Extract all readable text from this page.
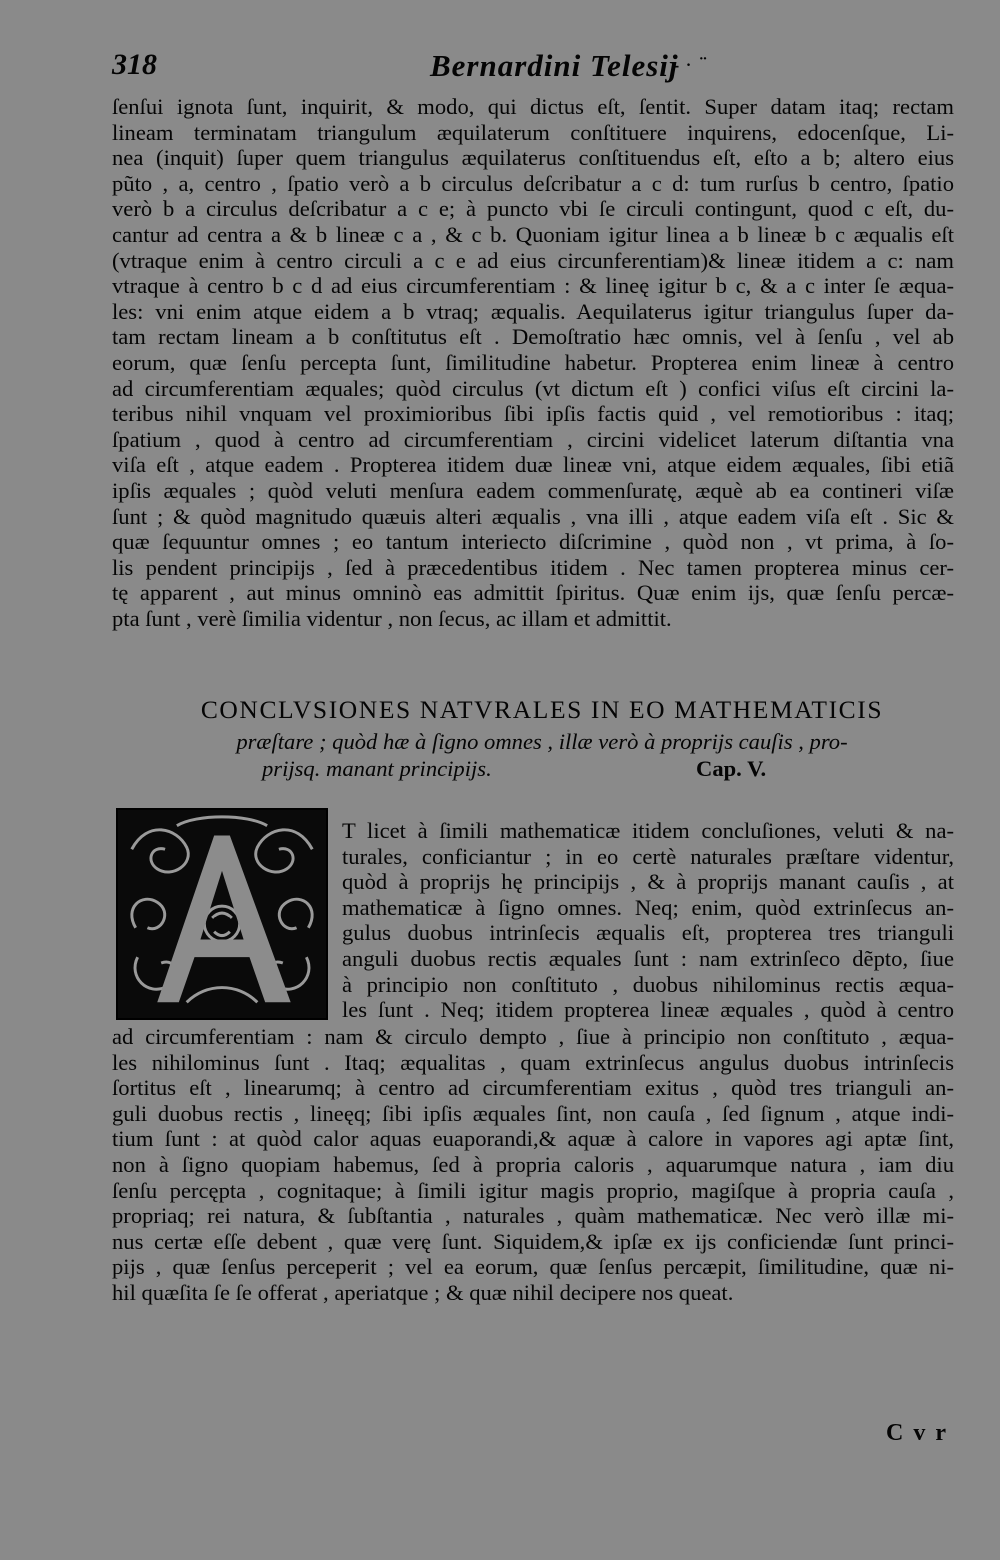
318	Bernardini Telesij
- · ˙̇
ſenſui ignota ſunt, inquirit, & modo, qui dictus eſt, ſentit. Super datam itaq; rectam
lineam terminatam triangulum æquilaterum conſtituere inquirens, edocenſque, Li-
nea (inquit) ſuper quem triangulus æquilaterus conſtituendus eſt, eſto a b; altero eius
pũto , a, centro , ſpatio verò a b circulus deſcribatur a c d: tum rurſus b centro, ſpatio
verò b a circulus deſcribatur a c e; à puncto vbi ſe circuli contingunt, quod c eſt, du-
cantur ad centra a & b lineæ c a , & c b. Quoniam igitur linea a b lineæ b c æqualis eſt
(vtraque enim à centro circuli a c e ad eius circunferentiam)& lineæ itidem a c: nam
vtraque à centro b c d ad eius circumferentiam : & lineę igitur b c, & a c inter ſe æqua-
les: vni enim atque eidem a b vtraq; æqualis. Aequilaterus igitur triangulus ſuper da-
tam rectam lineam a b conſtitutus eſt . Demoſtratio hæc omnis, vel à ſenſu , vel ab
eorum, quæ ſenſu percepta ſunt, ſimilitudine habetur. Propterea enim lineæ à centro
ad circumferentiam æquales; quòd circulus (vt dictum eſt ) confici viſus eſt circini la-
teribus nihil vnquam vel proximioribus ſibi ipſis factis quid , vel remotioribus : itaq;
ſpatium , quod à centro ad circumferentiam , circini videlicet laterum diſtantia vna
viſa eſt , atque eadem . Propterea itidem duæ lineæ vni, atque eidem æquales, ſibi etiã
ipſis æquales ; quòd veluti menſura eadem commenſuratę, æquè ab ea contineri viſæ
ſunt ; & quòd magnitudo quæuis alteri æqualis , vna illi , atque eadem viſa eſt . Sic &
quæ ſequuntur omnes ; eo tantum interiecto diſcrimine , quòd non , vt prima, à ſo-
lis pendent principijs , ſed à præcedentibus itidem . Nec tamen propterea minus cer-
tę apparent , aut minus omninò eas admittit ſpiritus. Quæ enim ijs, quæ ſenſu percæ-
pta ſunt , verè ſimilia videntur , non ſecus, ac illam et admittit.
CONCLVSIONES NATVRALES IN EO MATHEMATICIS
præſtare ; quòd hæ à ſigno omnes , illæ verò à proprijs cauſis , pro-
prijsq. manant principijs.	Cap. V.
T licet à ſimili mathematicæ itidem concluſiones, veluti & na-
turales, conficiantur ; in eo certè naturales præſtare videntur,
quòd à proprijs hę principijs , & à proprijs manant cauſis , at
mathematicæ à ſigno omnes. Neq; enim, quòd extrinſecus an-
gulus duobus intrinſecis æqualis eſt, propterea tres trianguli
anguli duobus rectis æquales ſunt : nam extrinſeco dẽpto, ſiue
à principio non conſtituto , duobus nihilominus rectis æqua-
les ſunt . Neq; itidem propterea lineæ æquales , quòd à centro
ad circumferentiam : nam & circulo dempto , ſiue à principio non conſtituto , æqua-
les nihilominus ſunt . Itaq; æqualitas , quam extrinſecus angulus duobus intrinſecis
ſortitus eſt , linearumq; à centro ad circumferentiam exitus , quòd tres trianguli an-
guli duobus rectis , lineęq; ſibi ipſis æquales ſint, non cauſa , ſed ſignum , atque indi-
tium ſunt : at quòd calor aquas euaporandi,& aquæ à calore in vapores agi aptæ ſint,
non à ſigno quopiam habemus, ſed à propria caloris , aquarumque natura , iam diu
ſenſu percępta , cognitaque; à ſimili igitur magis proprio, magiſque à propria cauſa ,
propriaq; rei natura, & ſubſtantia , naturales , quàm mathematicæ. Nec verò illæ mi-
nus certæ eſſe debent , quæ verę ſunt. Siquidem,& ipſæ ex ijs conficiendæ ſunt princi-
pijs , quæ ſenſus perceperit ; vel ea eorum, quæ ſenſus percæpit, ſimilitudine, quæ ni-
hil quæſita ſe ſe offerat , aperiatque ; & quæ nihil decipere nos queat.
C v r
